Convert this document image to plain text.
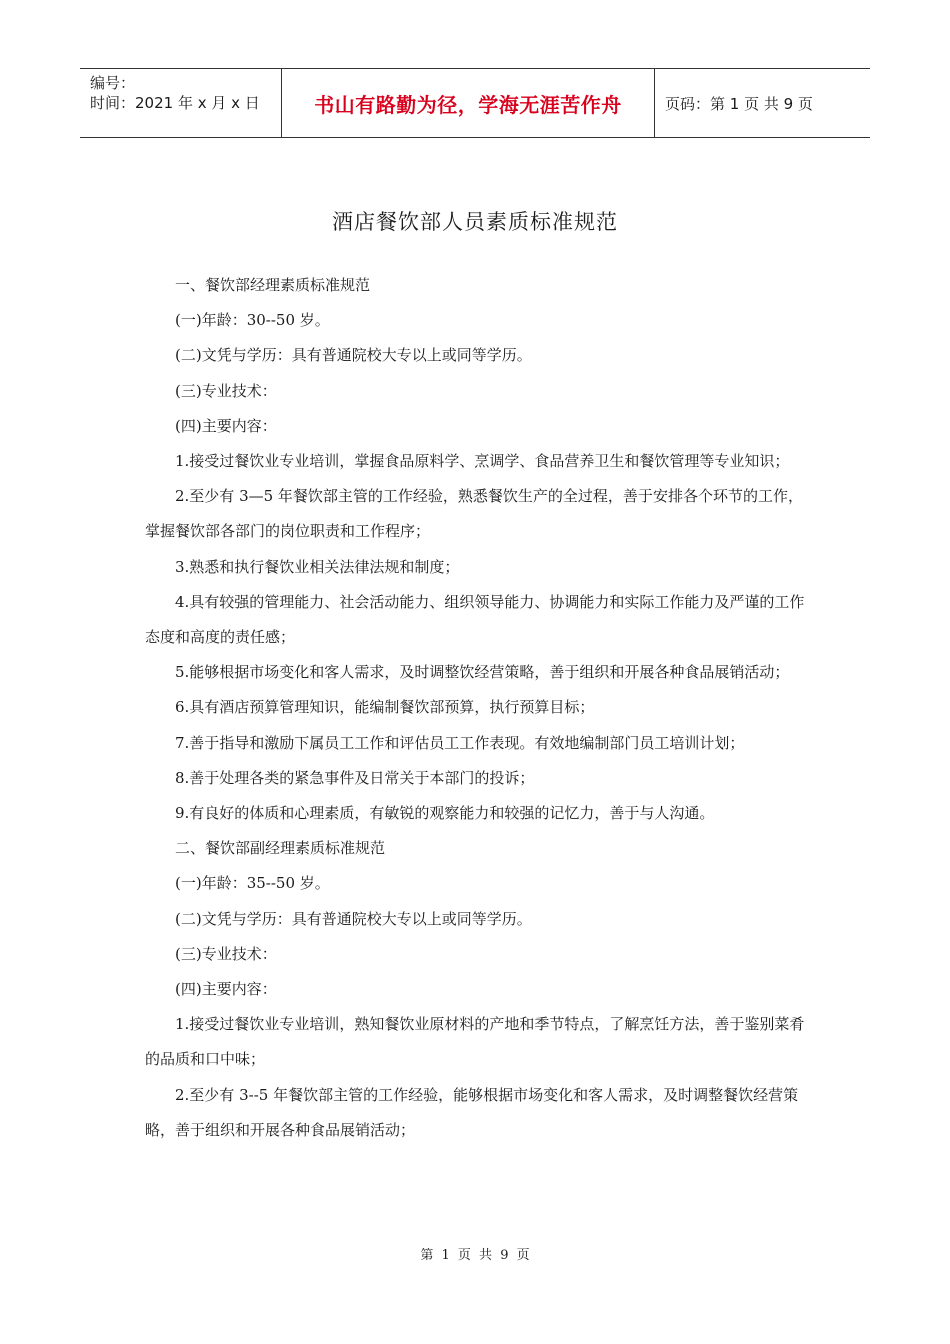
编号：
时间：2021 年 x 月 x 日	书山有路勤为径，学海无涯苦作舟	页码：第 1 页 共 9 页
酒店餐饮部人员素质标准规范

一、餐饮部经理素质标准规范

(一)年龄：30--50 岁。

(二)文凭与学历：具有普通院校大专以上或同等学历。

(三)专业技术：

(四)主要内容：

1.接受过餐饮业专业培训，掌握食品原料学、烹调学、食品营养卫生和餐饮管理等专业知识；

2.至少有 3—5 年餐饮部主管的工作经验，熟悉餐饮生产的全过程，善于安排各个环节的工作，掌握餐饮部各部门的岗位职责和工作程序；

3.熟悉和执行餐饮业相关法律法规和制度；

4.具有较强的管理能力、社会活动能力、组织领导能力、协调能力和实际工作能力及严谨的工作态度和高度的责任感；

5.能够根据市场变化和客人需求，及时调整饮经营策略，善于组织和开展各种食品展销活动；

6.具有酒店预算管理知识，能编制餐饮部预算，执行预算目标；

7.善于指导和激励下属员工工作和评估员工工作表现。有效地编制部门员工培训计划；

8.善于处理各类的紧急事件及日常关于本部门的投诉；

9.有良好的体质和心理素质，有敏锐的观察能力和较强的记忆力，善于与人沟通。

二、餐饮部副经理素质标准规范

(一)年龄：35--50 岁。

(二)文凭与学历：具有普通院校大专以上或同等学历。

(三)专业技术：

(四)主要内容：

1.接受过餐饮业专业培训，熟知餐饮业原材料的产地和季节特点，了解烹饪方法，善于鉴别菜肴的品质和口中味；

2.至少有 3--5 年餐饮部主管的工作经验，能够根据市场变化和客人需求，及时调整餐饮经营策略，善于组织和开展各种食品展销活动；

第 1 页 共 9 页
